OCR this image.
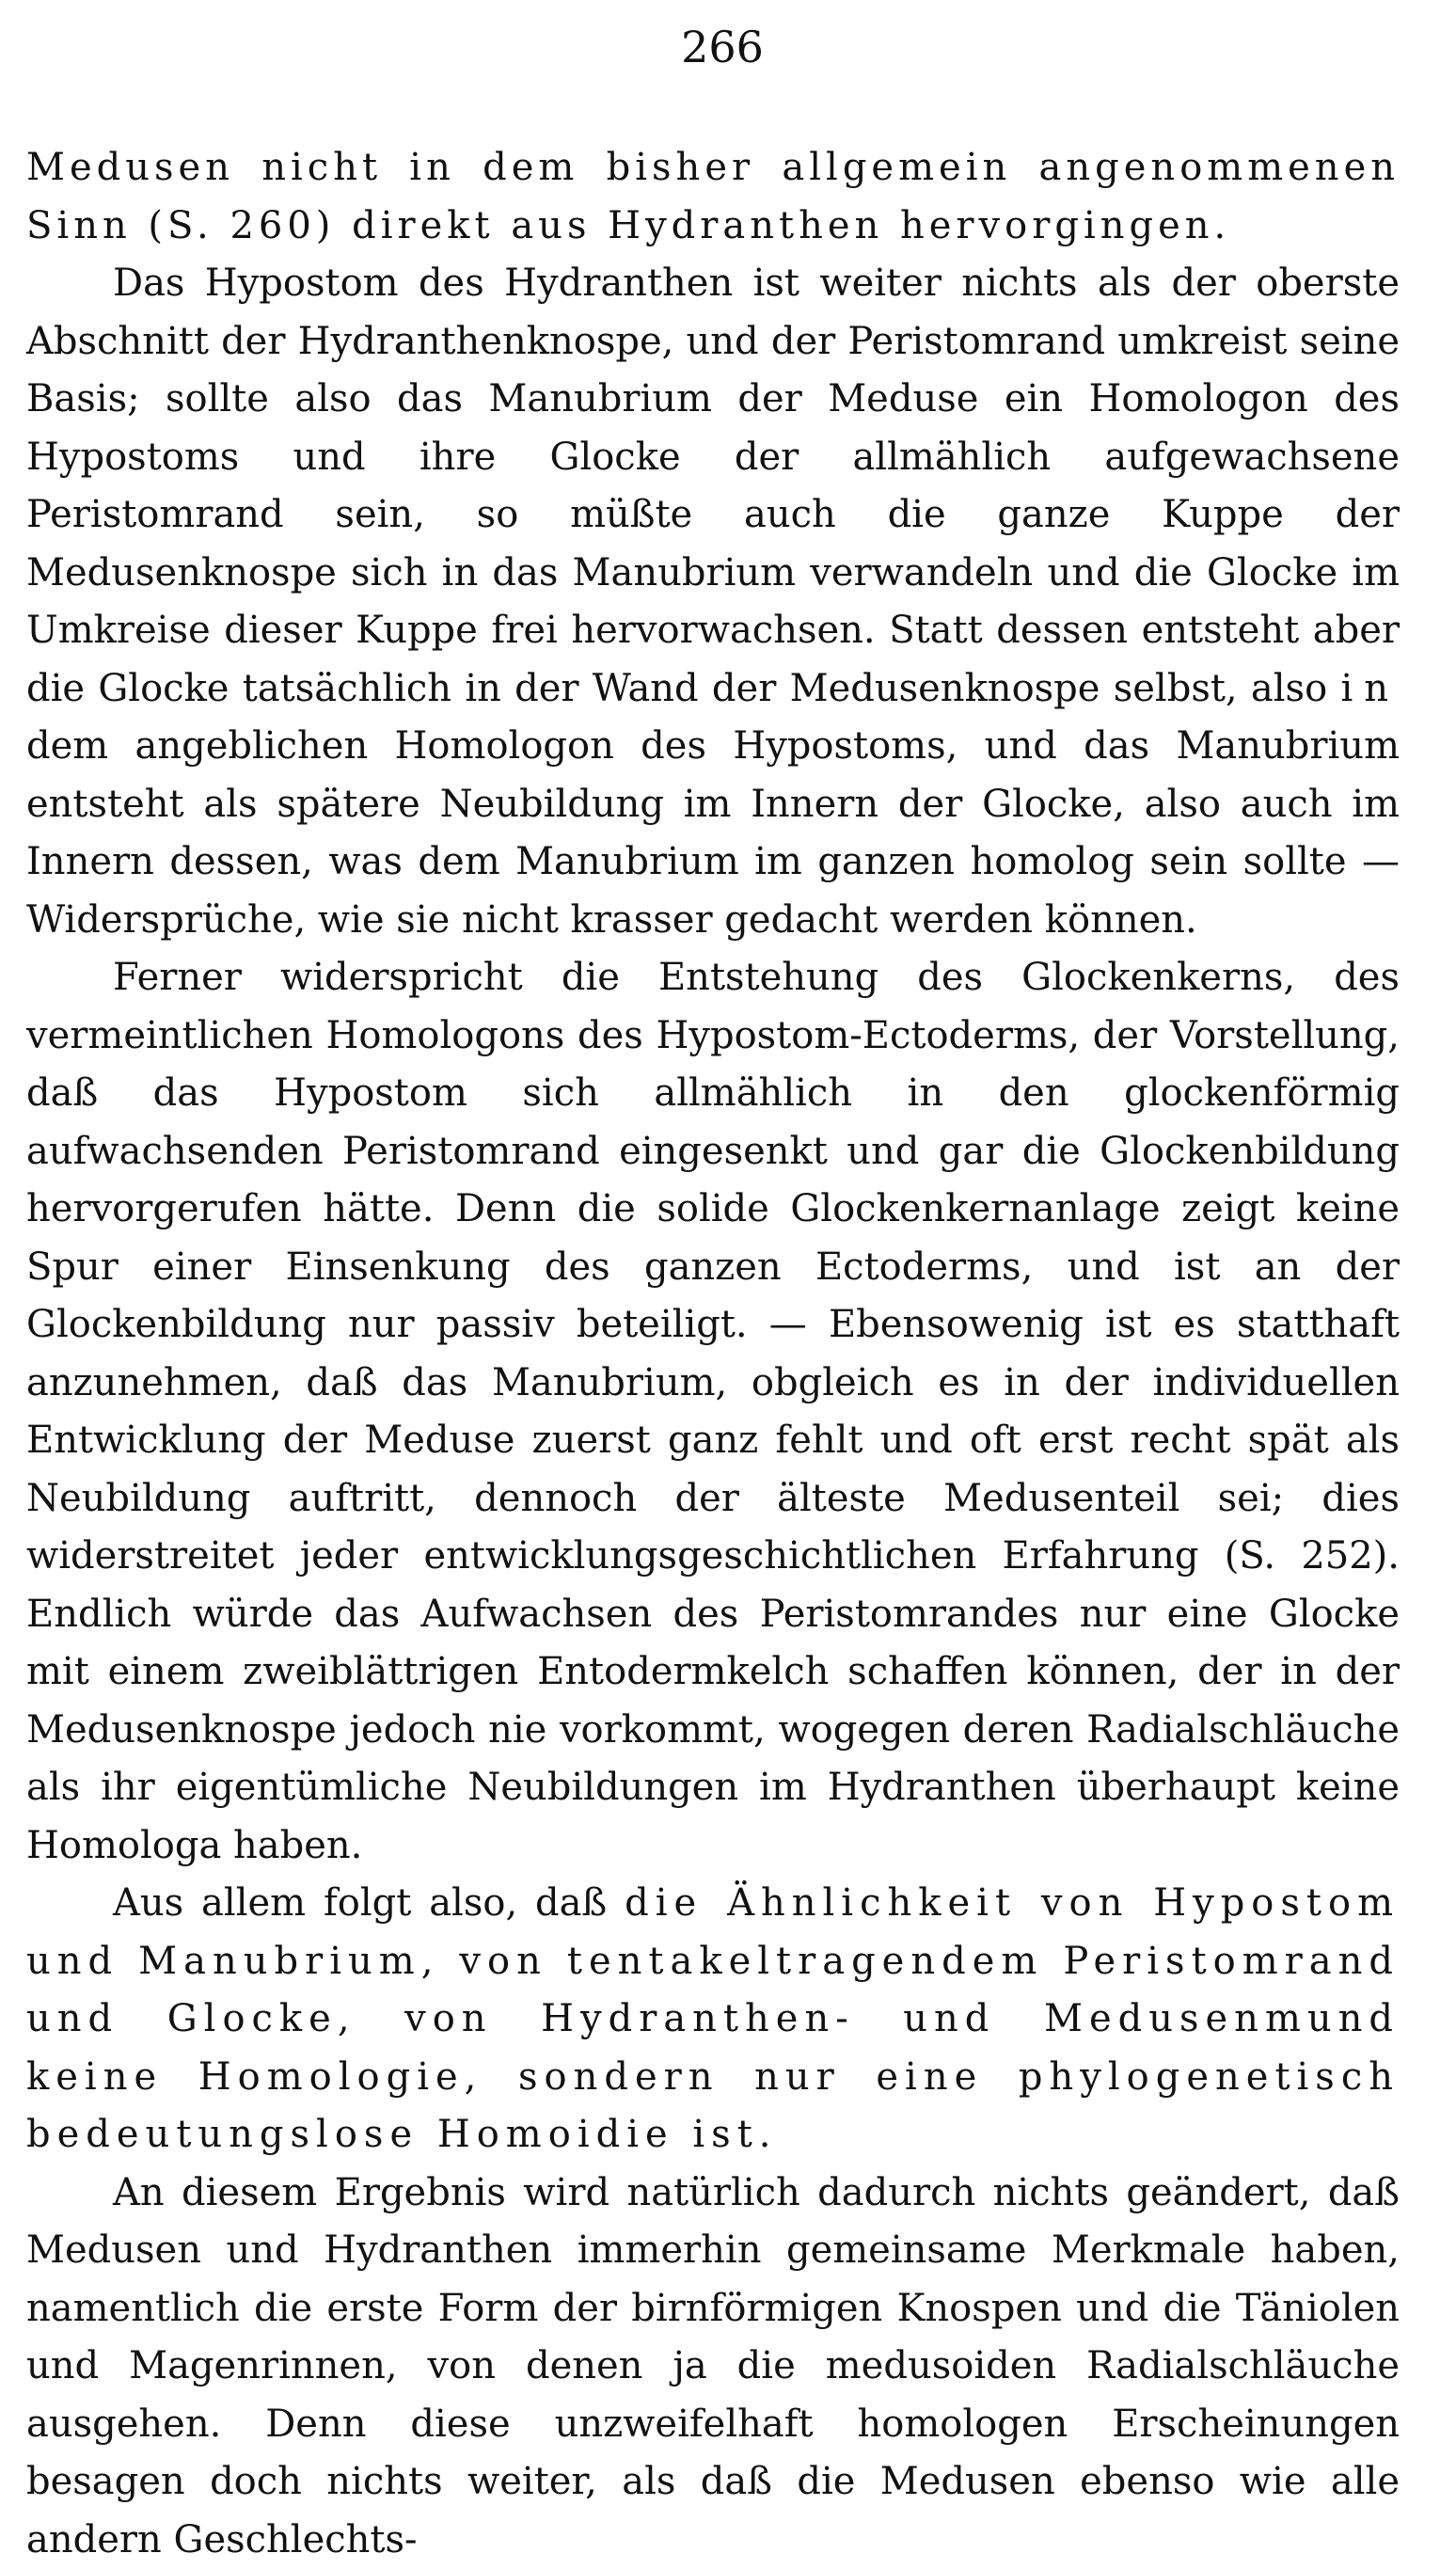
266

Medusen nicht in dem bisher allgemein angenommenen Sinn (S. 260) direkt aus Hydranthen hervorgingen.

Das Hypostom des Hydranthen ist weiter nichts als der oberste Abschnitt der Hydranthenknospe, und der Peristomrand umkreist seine Basis; sollte also das Manubrium der Meduse ein Homologon des Hypostoms und ihre Glocke der allmählich aufgewachsene Peristomrand sein, so müßte auch die ganze Kuppe der Medusenknospe sich in das Manubrium verwandeln und die Glocke im Umkreise dieser Kuppe frei hervorwachsen. Statt dessen entsteht aber die Glocke tatsächlich in der Wand der Medusenknospe selbst, also in dem angeblichen Homologon des Hypostoms, und das Manubrium entsteht als spätere Neubildung im Innern der Glocke, also auch im Innern dessen, was dem Manubrium im ganzen homolog sein sollte — Widersprüche, wie sie nicht krasser gedacht werden können.

Ferner widerspricht die Entstehung des Glockenkerns, des vermeintlichen Homologons des Hypostom-Ectoderms, der Vorstellung, daß das Hypostom sich allmählich in den glockenförmig aufwachsenden Peristomrand eingesenkt und gar die Glockenbildung hervorgerufen hätte. Denn die solide Glockenkernanlage zeigt keine Spur einer Einsenkung des ganzen Ectoderms, und ist an der Glockenbildung nur passiv beteiligt. — Ebensowenig ist es statthaft anzunehmen, daß das Manubrium, obgleich es in der individuellen Entwicklung der Meduse zuerst ganz fehlt und oft erst recht spät als Neubildung auftritt, dennoch der älteste Medusenteil sei; dies widerstreitet jeder entwicklungsgeschichtlichen Erfahrung (S. 252). Endlich würde das Aufwachsen des Peristomrandes nur eine Glocke mit einem zweiblättrigen Entodermkelch schaffen können, der in der Medusenknospe jedoch nie vorkommt, wogegen deren Radialschläuche als ihr eigentümliche Neubildungen im Hydranthen überhaupt keine Homologa haben.

Aus allem folgt also, daß die Ähnlichkeit von Hypostom und Manubrium, von tentakeltragendem Peristomrand und Glocke, von Hydranthen- und Medusenmund keine Homologie, sondern nur eine phylogenetisch bedeutungslose Homoidie ist.

An diesem Ergebnis wird natürlich dadurch nichts geändert, daß Medusen und Hydranthen immerhin gemeinsame Merkmale haben, namentlich die erste Form der birnförmigen Knospen und die Täniolen und Magenrinnen, von denen ja die medusoiden Radialschläuche ausgehen. Denn diese unzweifelhaft homologen Erscheinungen besagen doch nichts weiter, als daß die Medusen ebenso wie alle andern Geschlechts-
